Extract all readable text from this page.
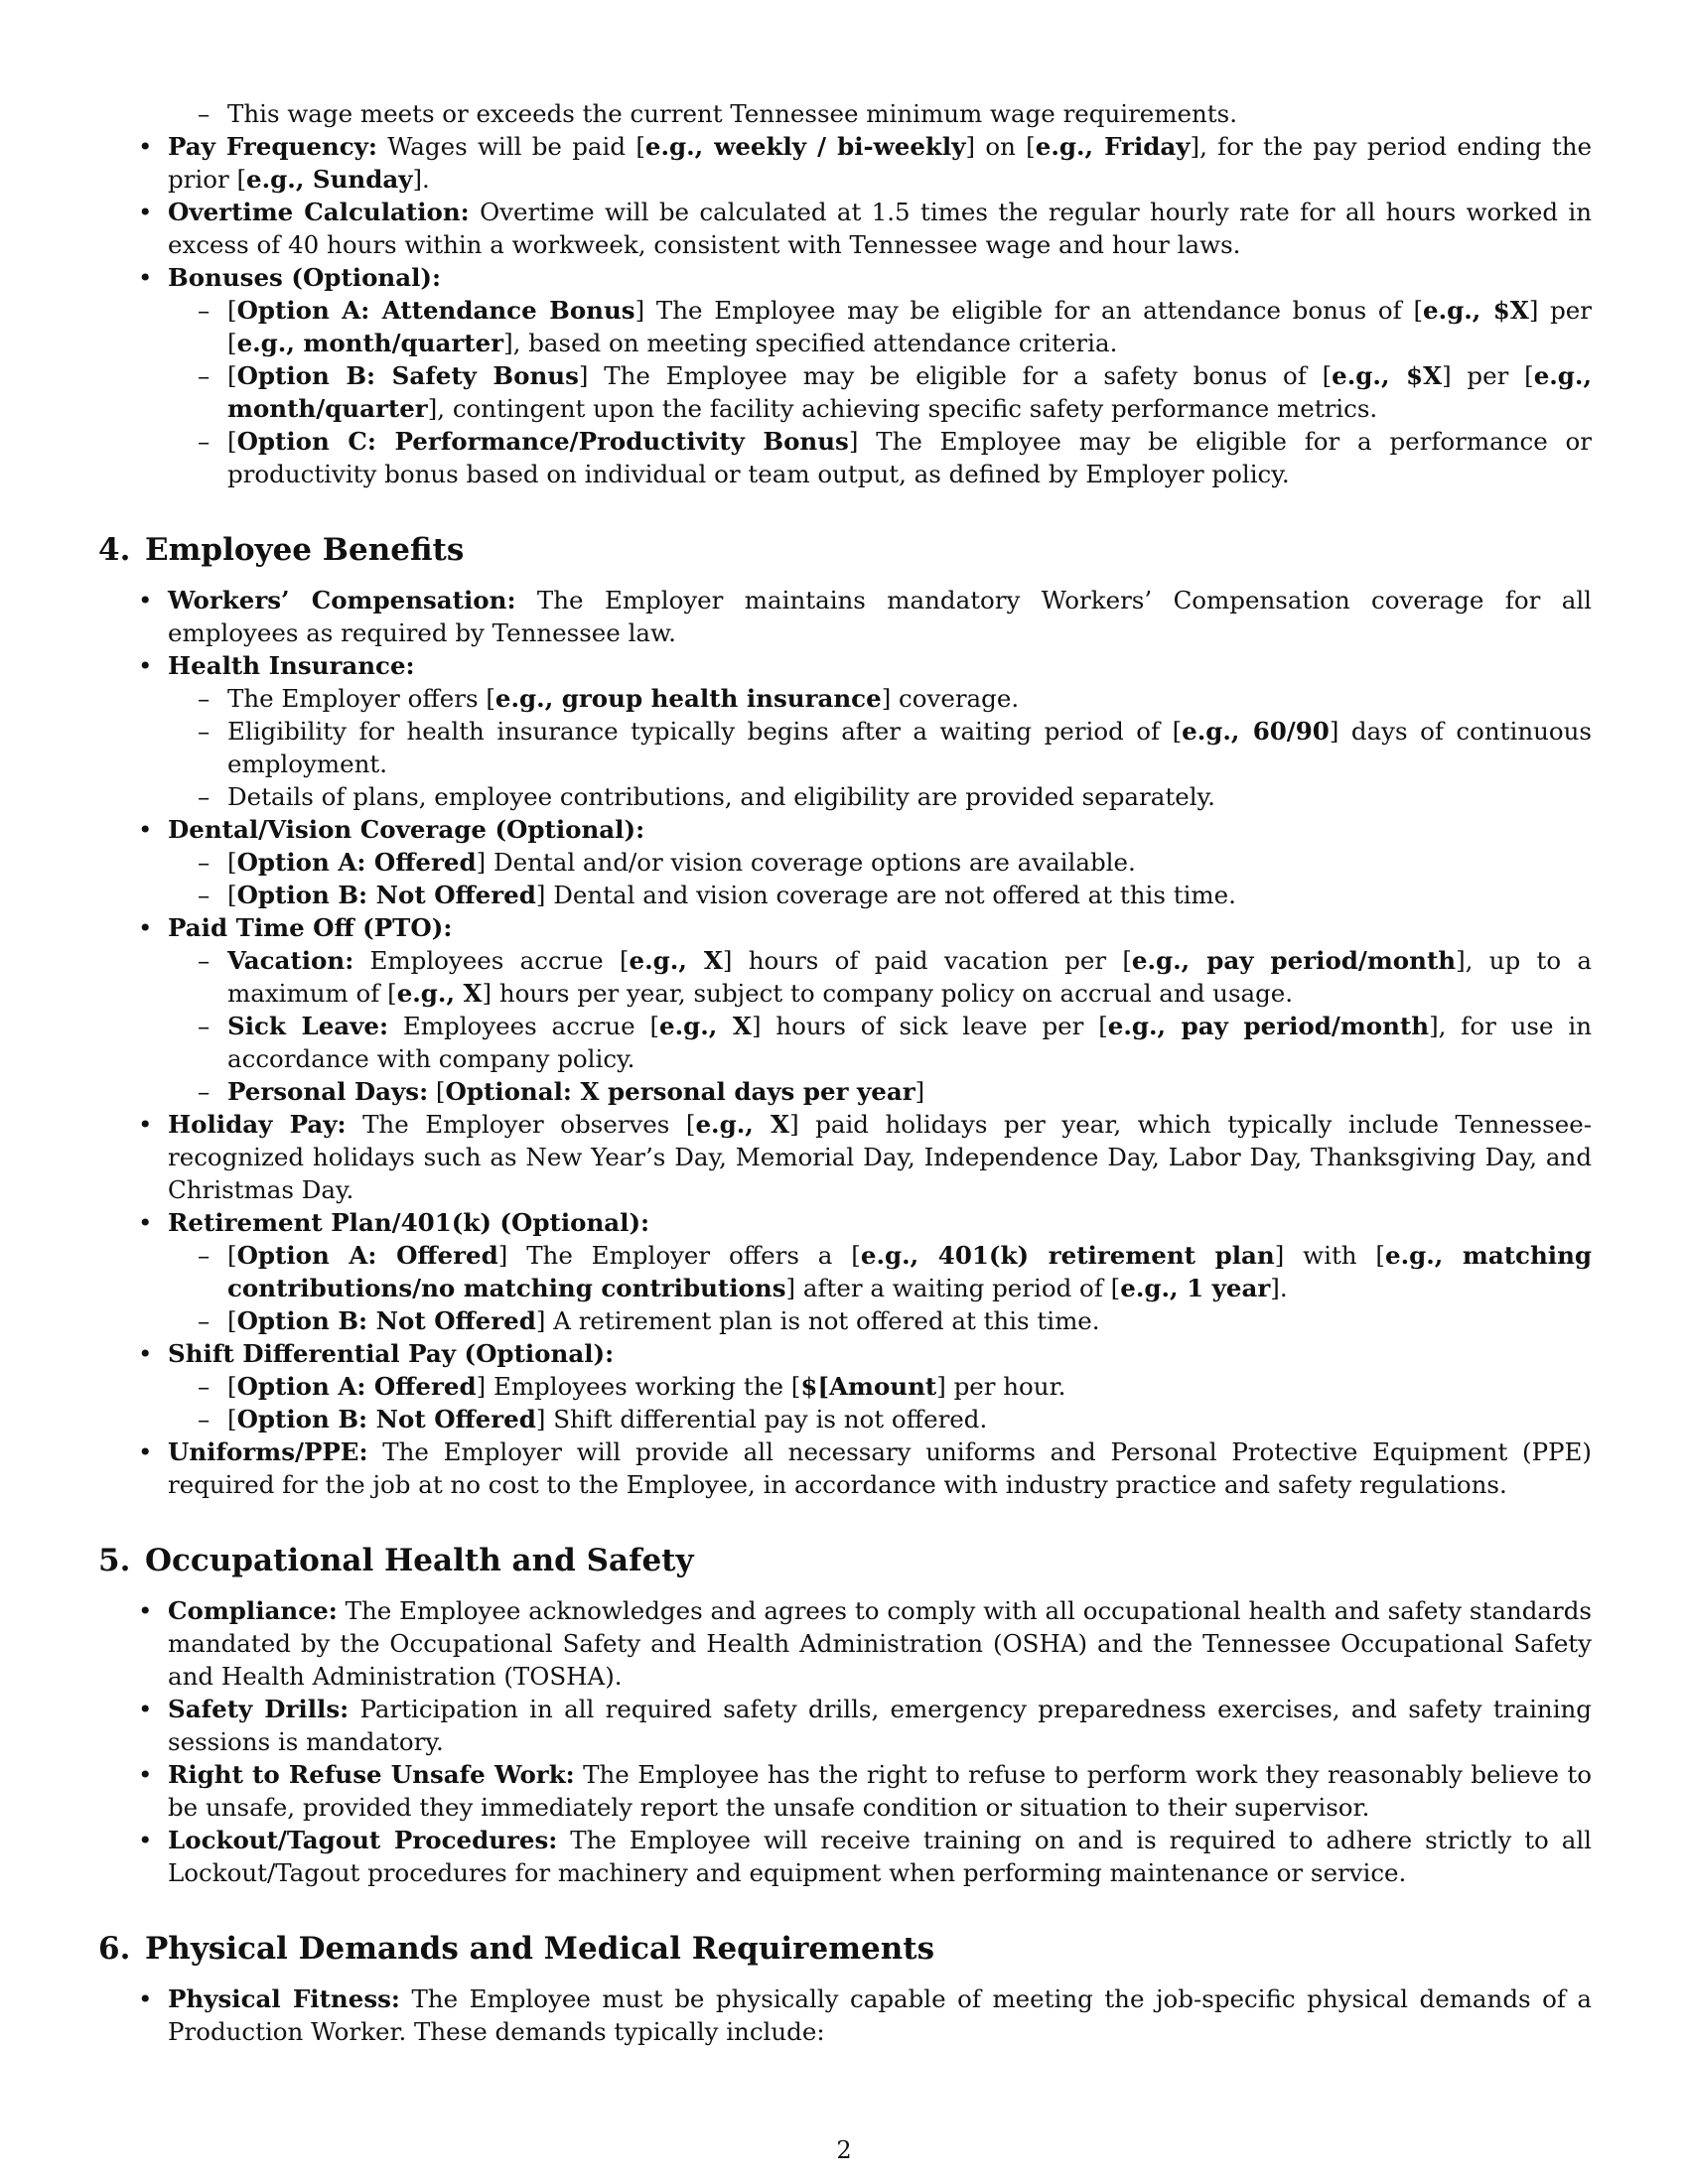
– This wage meets or exceeds the current Tennessee minimum wage requirements.
• Pay Frequency: Wages will be paid [e.g., weekly / bi-weekly] on [e.g., Friday], for the pay period ending the prior [e.g., Sunday].
• Overtime Calculation: Overtime will be calculated at 1.5 times the regular hourly rate for all hours worked in excess of 40 hours within a workweek, consistent with Tennessee wage and hour laws.
• Bonuses (Optional):
– [Option A: Attendance Bonus] The Employee may be eligible for an attendance bonus of [e.g., $X] per [e.g., month/quarter], based on meeting specified attendance criteria.
– [Option B: Safety Bonus] The Employee may be eligible for a safety bonus of [e.g., $X] per [e.g., month/quarter], contingent upon the facility achieving specific safety performance metrics.
– [Option C: Performance/Productivity Bonus] The Employee may be eligible for a performance or productivity bonus based on individual or team output, as defined by Employer policy.
4. Employee Benefits
• Workers’ Compensation: The Employer maintains mandatory Workers’ Compensation coverage for all employees as required by Tennessee law.
• Health Insurance:
– The Employer offers [e.g., group health insurance] coverage.
– Eligibility for health insurance typically begins after a waiting period of [e.g., 60/90] days of continuous employment.
– Details of plans, employee contributions, and eligibility are provided separately.
• Dental/Vision Coverage (Optional):
– [Option A: Offered] Dental and/or vision coverage options are available.
– [Option B: Not Offered] Dental and vision coverage are not offered at this time.
• Paid Time Off (PTO):
– Vacation: Employees accrue [e.g., X] hours of paid vacation per [e.g., pay period/month], up to a maximum of [e.g., X] hours per year, subject to company policy on accrual and usage.
– Sick Leave: Employees accrue [e.g., X] hours of sick leave per [e.g., pay period/month], for use in accordance with company policy.
– Personal Days: [Optional: X personal days per year]
• Holiday Pay: The Employer observes [e.g., X] paid holidays per year, which typically include Tennessee-recognized holidays such as New Year’s Day, Memorial Day, Independence Day, Labor Day, Thanksgiving Day, and Christmas Day.
• Retirement Plan/401(k) (Optional):
– [Option A: Offered] The Employer offers a [e.g., 401(k) retirement plan] with [e.g., matching contributions/no matching contributions] after a waiting period of [e.g., 1 year].
– [Option B: Not Offered] A retirement plan is not offered at this time.
• Shift Differential Pay (Optional):
– [Option A: Offered] Employees working the [$[Amount] per hour.
– [Option B: Not Offered] Shift differential pay is not offered.
• Uniforms/PPE: The Employer will provide all necessary uniforms and Personal Protective Equipment (PPE) required for the job at no cost to the Employee, in accordance with industry practice and safety regulations.
5. Occupational Health and Safety
• Compliance: The Employee acknowledges and agrees to comply with all occupational health and safety standards mandated by the Occupational Safety and Health Administration (OSHA) and the Tennessee Occupational Safety and Health Administration (TOSHA).
• Safety Drills: Participation in all required safety drills, emergency preparedness exercises, and safety training sessions is mandatory.
• Right to Refuse Unsafe Work: The Employee has the right to refuse to perform work they reasonably believe to be unsafe, provided they immediately report the unsafe condition or situation to their supervisor.
• Lockout/Tagout Procedures: The Employee will receive training on and is required to adhere strictly to all Lockout/Tagout procedures for machinery and equipment when performing maintenance or service.
6. Physical Demands and Medical Requirements
• Physical Fitness: The Employee must be physically capable of meeting the job-specific physical demands of a Production Worker. These demands typically include:
2
